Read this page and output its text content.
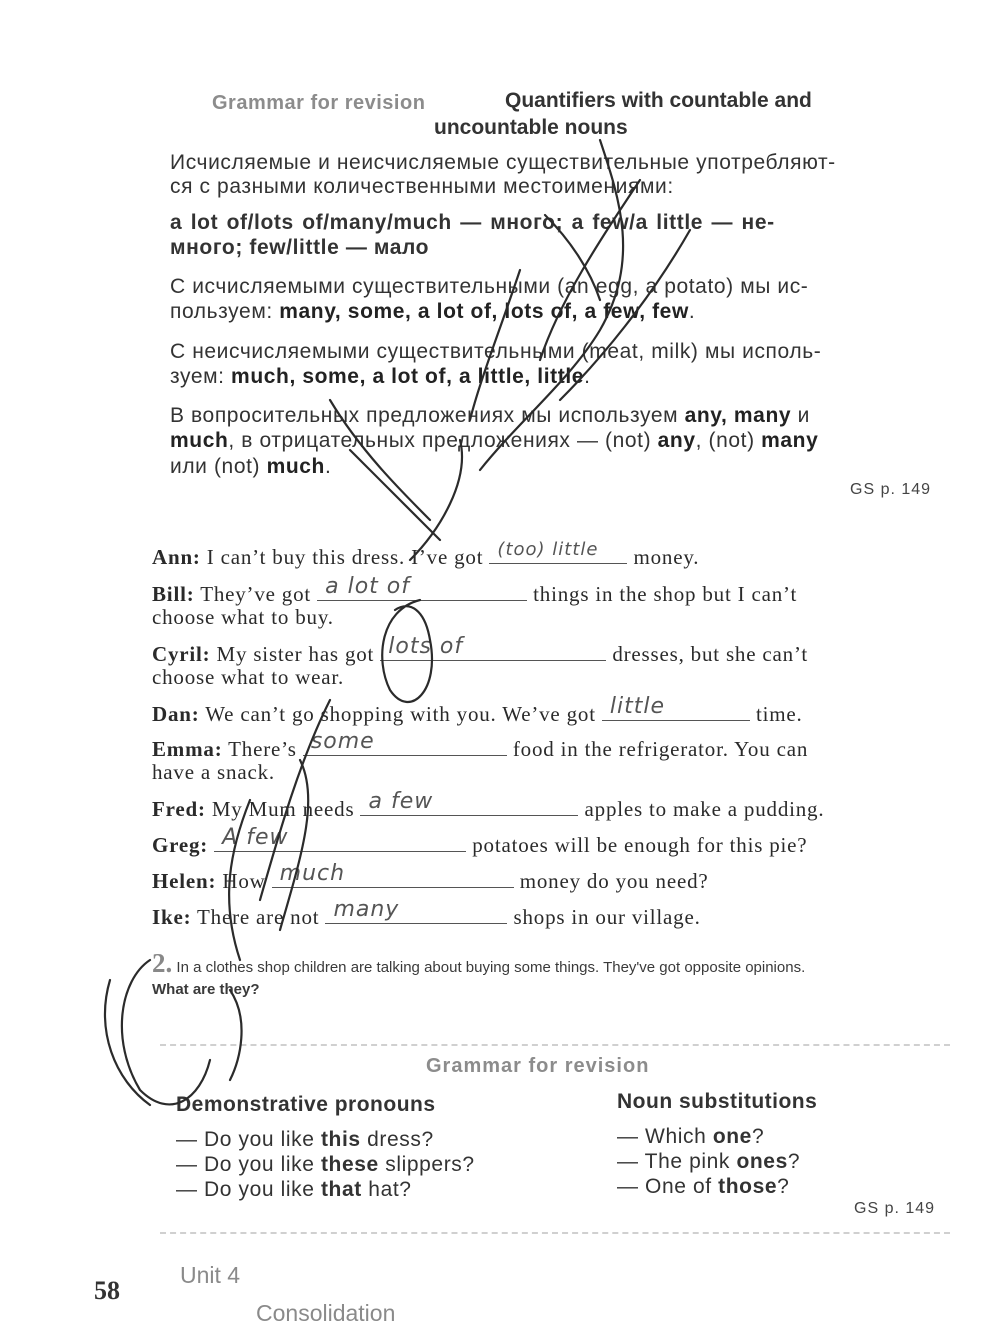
Grammar for revision	Quantifiers with countable and
uncountable nouns
Исчисляемые и неисчисляемые существительные употребляют-
ся с разными количественными местоимениями:
a lot of/lots of/many/much — много; a few/a little — не-
много; few/little — мало
С исчисляемыми существительными (an egg, a potato) мы ис-
пользуем: many, some, a lot of, lots of, a few, few.
С неисчисляемыми существительными (meat, milk) мы исполь-
зуем: much, some, a lot of, a little, little.
В вопросительных предложениях мы используем any, many и
much, в отрицательных предложениях — (not) any, (not) many
или (not) much.
GS p. 149
Ann: I can’t buy this dress. I’ve got (too) little money.
Bill: They’ve got a lot of	things in the shop but I can’t
choose what to buy.
Cyril: My sister has got lots of	dresses, but she can’t
choose what to wear.
Dan: We can’t go shopping with you. We’ve got little	time.
Emma: There’s some	food in the refrigerator. You can
have a snack.
Fred: My Mum needs a few	apples to make a pudding.
Greg: A few	potatoes will be enough for this pie?
Helen: How much	money do you need?
Ike: There are not many	shops in our village.
2. In a clothes shop children are talking about buying some things. They've got opposite opinions.
What are they?
Grammar for revision
Demonstrative pronouns
— Do you like this dress?
— Do you like these slippers?
— Do you like that hat?
Noun substitutions
— Which one?
— The pink ones?
— One of those?
GS p. 149
58
Unit 4
Consolidation
